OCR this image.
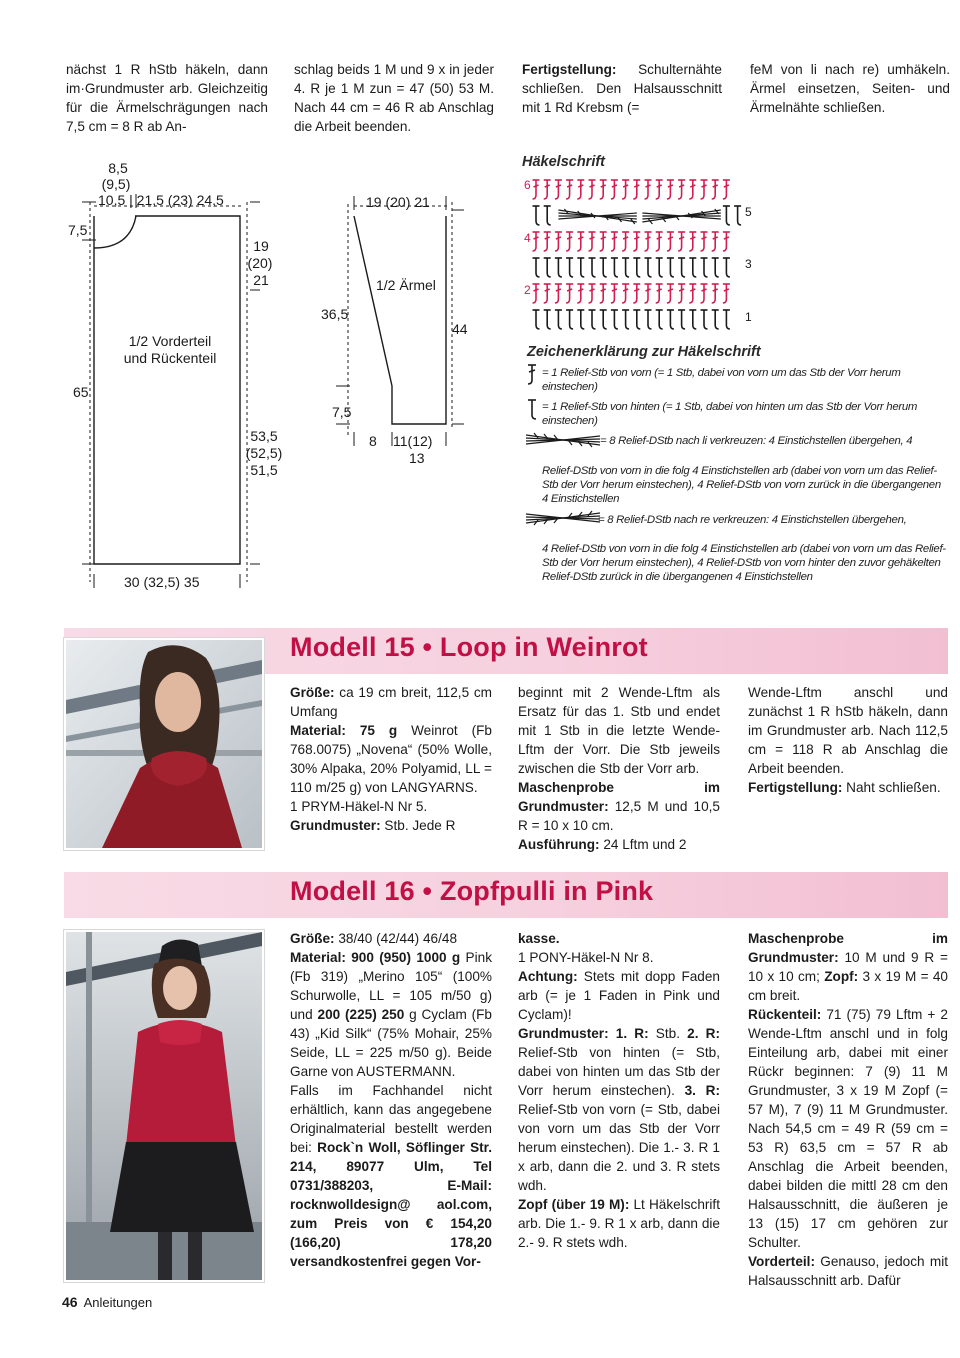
nächst 1 R hStb häkeln, dann im·Grundmuster arb. Gleichzeitig für die Ärmelschrägungen nach 7,5 cm = 8 R ab An-

schlag beids 1 M und 9 x in jeder 4. R je 1 M zun = 47 (50) 53 M. Nach 44 cm = 46 R ab Anschlag die Arbeit beenden.

Fertigstellung: Schulternähte schließen. Den Halsausschnitt mit 1 Rd Krebsm (=

feM von li nach re) umhäkeln. Ärmel einsetzen, Seiten- und Ärmelnähte schließen.

8,5
(9,5)
10,5 | 21,5 (23) 24,5
7,5
19
(20)
21
1/2 Vorderteil
und Rückenteil
65
53,5
(52,5)
51,5
30 (32,5) 35
19 (20) 21
1/2 Ärmel
36,5
44
7,5
8 11(12)
13
Häkelschrift
6
5
4
3
2
1
Zeichenerklärung zur Häkelschrift
= 1 Relief-Stb von vorn (= 1 Stb, dabei von vorn um das Stb der Vorr herum einstechen)
= 1 Relief-Stb von hinten (= 1 Stb, dabei von hinten um das Stb der Vorr herum einstechen)
= 8 Relief-DStb nach li verkreuzen: 4 Einstichstellen übergehen, 4
Relief-DStb von vorn in die folg 4 Einstichstellen arb (dabei von vorn um das Relief-Stb der Vorr herum einstechen), 4 Relief-DStb von vorn zurück in die übergangenen 4 Einstichstellen
= 8 Relief-DStb nach re verkreuzen: 4 Einstichstellen übergehen,
4 Relief-DStb von vorn in die folg 4 Einstichstellen arb (dabei von vorn um das Relief-Stb der Vorr herum einstechen), 4 Relief-DStb von vorn hinter den zuvor gehäkelten Relief-DStb zurück in die übergangenen 4 Einstichstellen
Modell 15 • Loop in Weinrot

Größe: ca 19 cm breit, 112,5 cm Umfang

Material: 75 g Weinrot (Fb 768.0075) „Novena“ (50% Wolle, 30% Alpaka, 20% Polyamid, LL = 110 m/25 g) von LANGYARNS.

1 PRYM-Häkel-N Nr 5.

Grundmuster: Stb. Jede R

beginnt mit 2 Wende-Lftm als Ersatz für das 1. Stb und endet mit 1 Stb in die letzte Wende-Lftm der Vorr. Die Stb jeweils zwischen die Stb der Vorr arb.

Maschenprobe im Grundmuster: 12,5 M und 10,5 R = 10 x 10 cm.

Ausführung: 24 Lftm und 2

Wende-Lftm anschl und zunächst 1 R hStb häkeln, dann im Grundmuster arb. Nach 112,5 cm = 118 R ab Anschlag die Arbeit beenden.

Fertigstellung: Naht schließen.

Modell 16 • Zopfpulli in Pink

Größe: 38/40 (42/44) 46/48

Material: 900 (950) 1000 g Pink (Fb 319) „Merino 105“ (100% Schurwolle, LL = 105 m/50 g) und 200 (225) 250 g Cyclam (Fb 43) „Kid Silk“ (75% Mohair, 25% Seide, LL = 225 m/50 g). Beide Garne von AUSTERMANN.

Falls im Fachhandel nicht erhältlich, kann das angegebene Originalmaterial bestellt werden bei: Rock`n Woll, Söflinger Str. 214, 89077 Ulm, Tel 0731/388203, E-Mail: rocknwolldesign@ aol.com, zum Preis von € 154,20 (166,20) 178,20 versandkostenfrei gegen Vor-

kasse.

1 PONY-Häkel-N Nr 8.

Achtung: Stets mit dopp Faden arb (= je 1 Faden in Pink und Cyclam)!

Grundmuster: 1. R: Stb. 2. R: Relief-Stb von hinten (= Stb, dabei von hinten um das Stb der Vorr herum einstechen). 3. R: Relief-Stb von vorn (= Stb, dabei von vorn um das Stb der Vorr herum einstechen). Die 1.- 3. R 1 x arb, dann die 2. und 3. R stets wdh.

Zopf (über 19 M): Lt Häkelschrift arb. Die 1.- 9. R 1 x arb, dann die 2.- 9. R stets wdh.

Maschenprobe im Grundmuster: 10 M und 9 R = 10 x 10 cm; Zopf: 3 x 19 M = 40 cm breit.

Rückenteil: 71 (75) 79 Lftm + 2 Wende-Lftm anschl und in folg Einteilung arb, dabei mit einer Rückr beginnen: 7 (9) 11 M Grundmuster, 3 x 19 M Zopf (= 57 M), 7 (9) 11 M Grundmuster. Nach 54,5 cm = 49 R (59 cm = 53 R) 63,5 cm = 57 R ab Anschlag die Arbeit beenden, dabei bilden die mittl 28 cm den Halsausschnitt, die äußeren je 13 (15) 17 cm gehören zur Schulter.

Vorderteil: Genauso, jedoch mit Halsausschnitt arb. Dafür

46 Anleitungen
